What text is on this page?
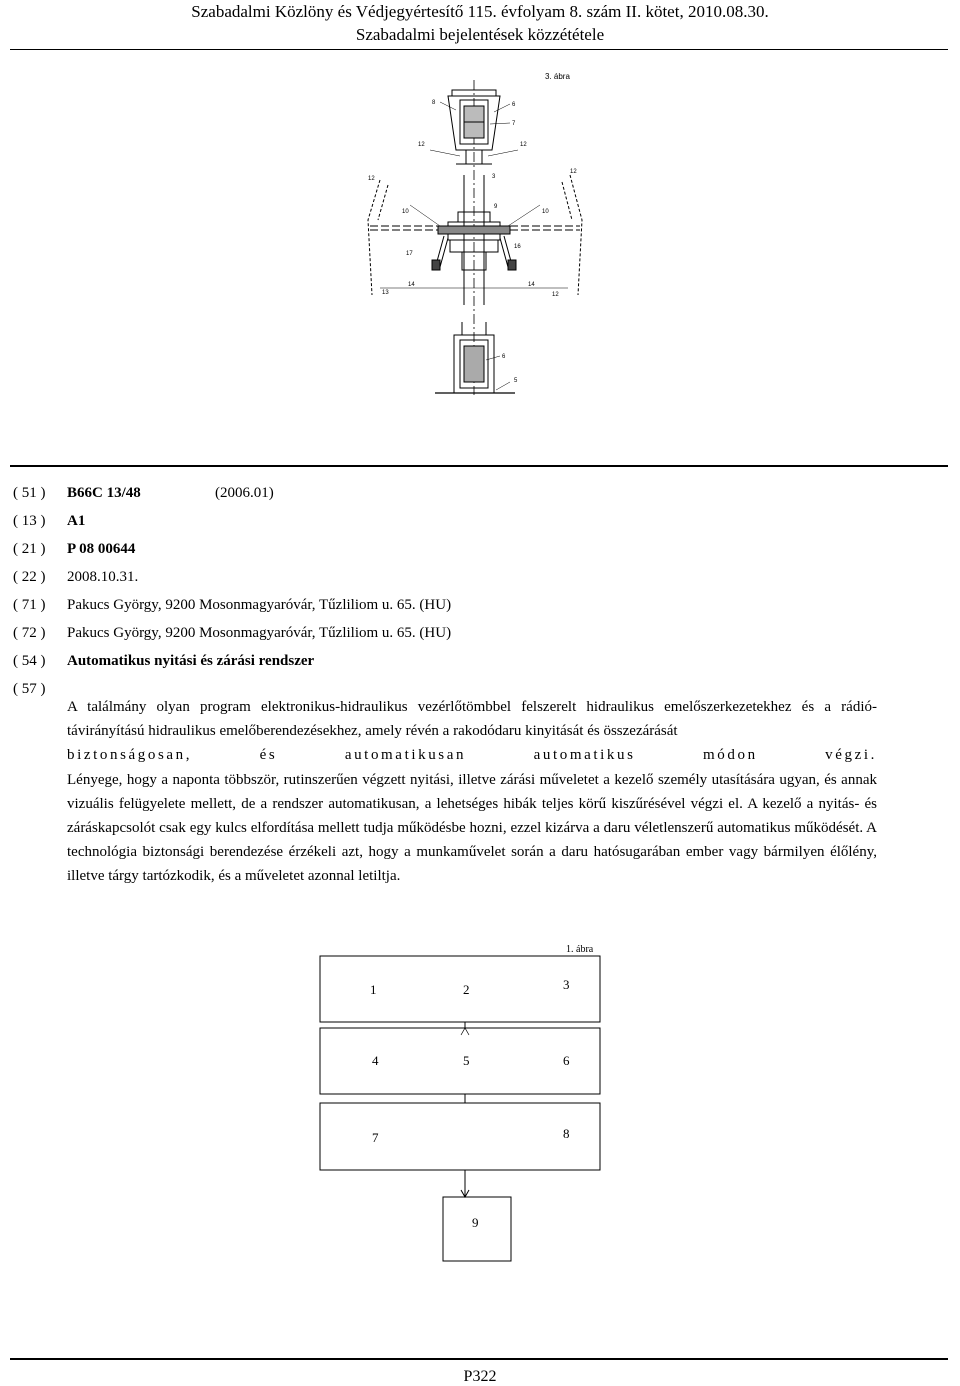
Szabadalmi Közlöny és Védjegyértesítő 115. évfolyam 8. szám II. kötet, 2010.08.30.
Szabadalmi bejelentések közzététele
3. ábra
8	6
7
12	12
12
12
3
9
10	10
16
17
13
14	14
12
6
5
( 51 ) B66C 13/48	(2006.01)
( 13 ) A1
( 21 ) P 08 00644
( 22 ) 2008.10.31.
( 71 ) Pakucs György, 9200 Mosonmagyaróvár, Tűzliliom u. 65. (HU)
( 72 ) Pakucs György, 9200 Mosonmagyaróvár, Tűzliliom u. 65. (HU)
( 54 ) Automatikus nyitási és zárási rendszer
( 57 )

A találmány olyan program elektronikus-hidraulikus vezérlőtömbbel felszerelt hidraulikus emelőszerkezetekhez és a rádió-távirányítású hidraulikus emelőberendezésekhez, amely révén a rakodódaru kinyitását és összezárását

biztonságosan, és automatikusan automatikus módon végzi.

Lényege, hogy a naponta többször, rutinszerűen végzett nyitási, illetve zárási műveletet a kezelő személy utasítására ugyan, és annak vizuális felügyelete mellett, de a rendszer automatikusan, a lehetséges hibák teljes körű kiszűrésével végzi el. A kezelő a nyitás- és záráskapcsolót csak egy kulcs elfordítása mellett tudja működésbe hozni, ezzel kizárva a daru véletlenszerű automatikus működését. A technológia biztonsági berendezése érzékeli azt, hogy a munkaművelet során a daru hatósugarában ember vagy bármilyen élőlény, illetve tárgy tartózkodik, és a műveletet azonnal letiltja.

1. ábra
1	2	3
4	5	6
7	8
9
P322
